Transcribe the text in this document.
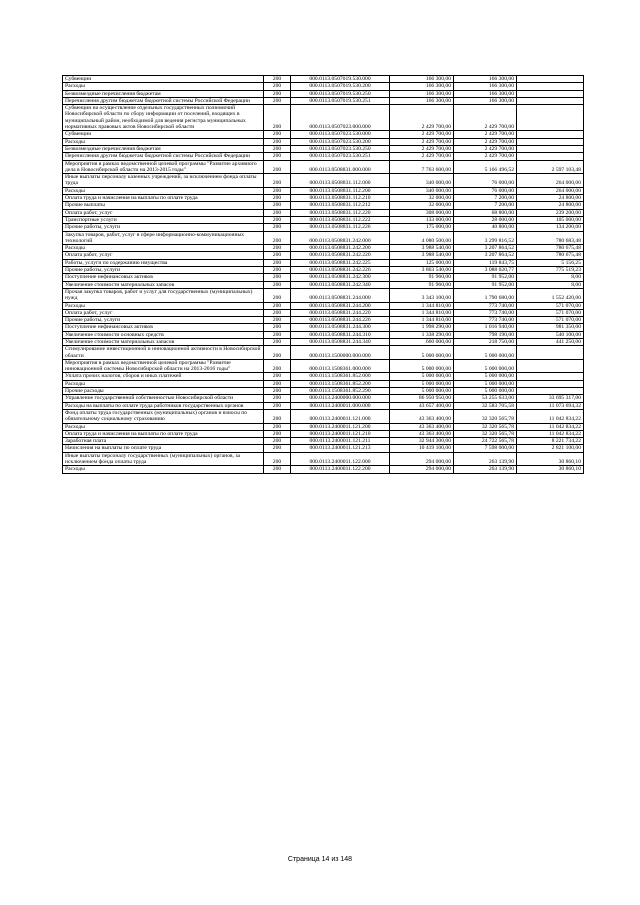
Субвенции	200	000.0113.0507019.530.000	166 300,00	166 300,00	
Расходы	200	000.0113.0507019.530.200	166 300,00	166 300,00	
Безвозмездные перечисления бюджетам	200	000.0113.0507019.530.250	166 300,00	166 300,00	
Перечисления другим бюджетам бюджетной системы Российской Федерации	200	000.0113.0507019.530.251	166 300,00	166 300,00	
Субвенции на осуществление отдельных государственных полномочий Новосибирской области по сбору информации от поселений, входящих в муниципальный район, необходимой для ведения регистра муниципальных нормативных правовых актов Новосибирской области	200	000.0113.0507023.000.000	2 429 700,00	2 429 700,00	
Субвенции	200	000.0113.0507023.530.000	2 429 700,00	2 429 700,00	
Расходы	200	000.0113.0507023.530.200	2 429 700,00	2 429 700,00	
Безвозмездные перечисления бюджетам	200	000.0113.0507023.530.250	2 429 700,00	2 429 700,00	
Перечисления другим бюджетам бюджетной системы Российской Федерации	200	000.0113.0507023.530.251	2 429 700,00	2 429 700,00	
Мероприятия в рамках ведомственной целевой программы "Развитие архивного дела в Новосибирской области на 2013-2015 годы"	200	000.0113.0508831.000.000	7 763 600,00	5 166 496,52	2 597 103,48
Иные выплаты персоналу казенных учреждений, за исключением фонда оплаты труда	200	000.0113.0508831.112.000	340 000,00	76 000,00	264 000,00
Расходы	200	000.0113.0508831.112.200	340 000,00	76 000,00	264 000,00
Оплата труда и начисления на выплаты по оплате труда	200	000.0113.0508831.112.210	32 000,00	7 200,00	24 800,00
Прочие выплаты	200	000.0113.0508831.112.212	32 000,00	7 200,00	24 800,00
Оплата работ, услуг	200	000.0113.0508831.112.220	308 000,00	68 800,00	239 200,00
Транспортные услуги	200	000.0113.0508831.112.222	133 000,00	28 000,00	105 000,00
Прочие работы, услуги	200	000.0113.0508831.112.226	175 000,00	40 800,00	134 200,00
Закупка товаров, работ, услуг в сфере информационно-коммуникационных технологий	200	000.0113.0508831.242.000	4 080 500,00	3 299 816,52	780 683,48
Расходы	200	000.0113.0508831.242.200	3 988 540,00	3 207 864,52	780 675,48
Оплата работ, услуг	200	000.0113.0508831.242.220	3 988 540,00	3 207 864,52	780 675,48
Работы, услуги по содержанию имущества	200	000.0113.0508831.242.225	125 000,00	119 843,75	5 156,25
Прочие работы, услуги	200	000.0113.0508831.242.226	3 863 540,00	3 088 020,77	775 519,23
Поступление нефинансовых активов	200	000.0113.0508831.242.300	91 960,00	91 952,00	8,00
Увеличение стоимости материальных запасов	200	000.0113.0508831.242.340	91 960,00	91 952,00	8,00
Прочая закупка товаров, работ и услуг для государственных (муниципальных) нужд	200	000.0113.0508831.244.000	3 343 100,00	1 790 680,00	1 552 420,00
Расходы	200	000.0113.0508831.244.200	1 344 810,00	773 740,00	571 070,00
Оплата работ, услуг	200	000.0113.0508831.244.220	1 344 810,00	773 740,00	571 070,00
Прочие работы, услуги	200	000.0113.0508831.244.226	1 344 810,00	773 740,00	571 070,00
Поступление нефинансовых активов	200	000.0113.0508831.244.300	1 998 290,00	1 016 940,00	981 350,00
Увеличение стоимости основных средств	200	000.0113.0508831.244.310	1 338 290,00	798 190,00	540 100,00
Увеличение стоимости материальных запасов	200	000.0113.0508831.244.340	660 000,00	218 750,00	441 250,00
Стимулирование инвестиционной и инновационной активности в Новосибирской области	200	000.0113.1500000.000.000	5 000 000,00	5 000 000,00	
Мероприятия в рамках ведомственной целевой программы "Развитие инновационной системы Новосибирской области на 2013-2016 годы"	200	000.0113.1508361.000.000	5 000 000,00	5 000 000,00	
Уплата прочих налогов, сборов и иных платежей	200	000.0113.1508361.852.000	5 000 000,00	5 000 000,00	
Расходы	200	000.0113.1508361.852.200	5 000 000,00	5 000 000,00	
Прочие расходы	200	000.0113.1508361.852.290	5 000 000,00	5 000 000,00	
Управление государственной собственностью Новосибирской области	200	000.0113.2400000.000.000	86 950 950,00	53 255 633,00	33 695 317,00
Расходы на выплаты по оплате труда работников государственных органов	200	000.0113.2400011.000.000	43 657 400,00	32 583 705,58	11 073 694,32
Фонд оплаты труда государственных (муниципальных) органов и взносы по обязательному социальному страхованию	200	000.0113.2400011.121.000	43 363 400,00	32 320 565,78	11 042 834,22
Расходы	200	000.0113.2400011.121.200	43 363 400,00	32 320 565,78	11 042 834,22
Оплата труда и начисления на выплаты по оплате труда	200	000.0113.2400011.121.210	43 363 400,00	32 320 565,78	11 042 834,22
Заработная плата	200	000.0113.2400011.121.211	32 944 300,00	24 722 565,78	8 221 734,22
Начисления на выплаты по оплате труда	200	000.0113.2400011.121.213	10 419 100,00	7 598 000,00	2 821 100,00
Иные выплаты персоналу государственных (муниципальных) органов, за исключением фонда оплаты труда	200	000.0113.2400011.122.000	294 000,00	263 139,90	30 860,10
Расходы	200	000.0113.2400011.122.200	294 000,00	263 139,90	30 860,10
Страница 14 из 148
